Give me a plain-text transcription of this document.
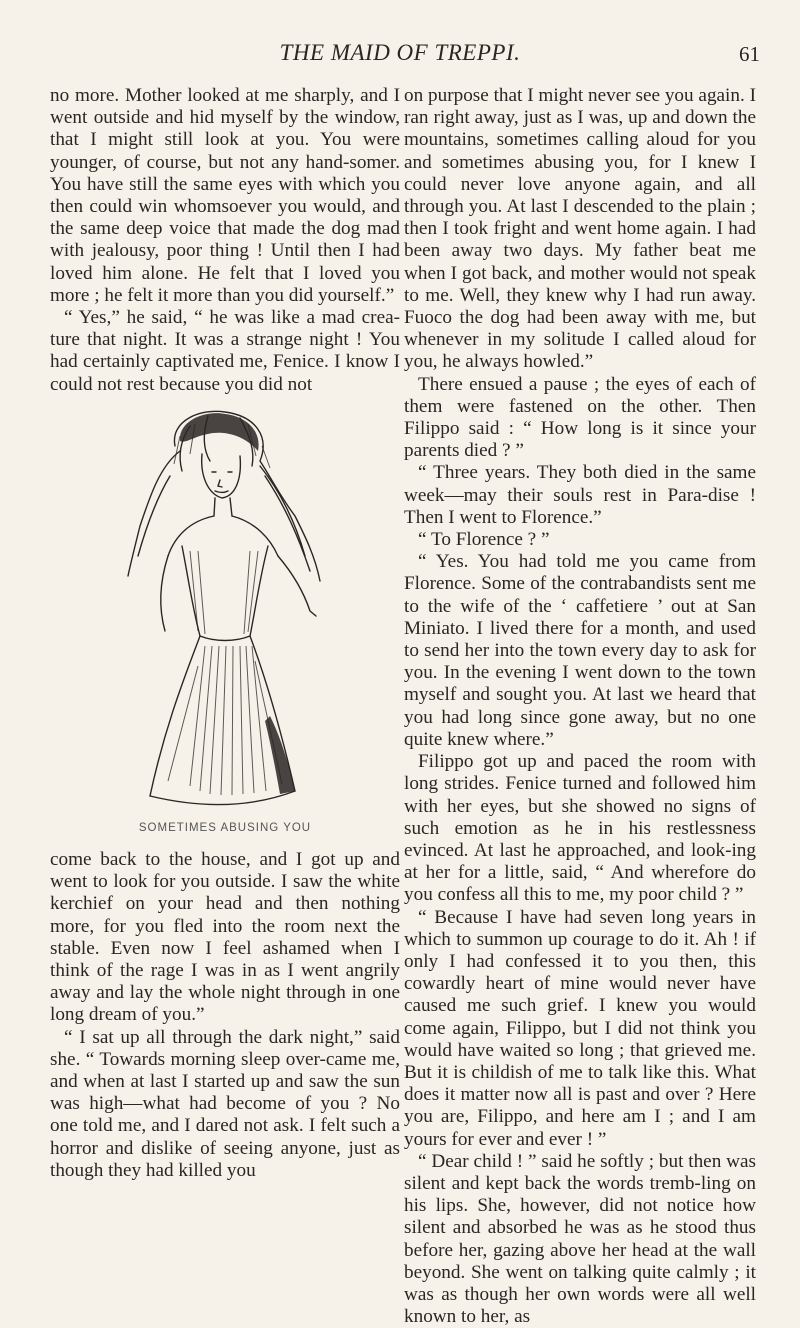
THE MAID OF TREPPI.	61

no more. Mother looked at me sharply, and I went outside and hid myself by the window, that I might still look at you. You were younger, of course, but not any hand-somer. You have still the same eyes with which you then could win whomsoever you would, and the same deep voice that made the dog mad with jealousy, poor thing ! Until then I had loved him alone. He felt that I loved you more ; he felt it more than you did yourself.”

“ Yes,” he said, “ he was like a mad crea-ture that night. It was a strange night ! You had certainly captivated me, Fenice. I know I could not rest because you did not

SOMETIMES ABUSING YOU

come back to the house, and I got up and went to look for you outside. I saw the white kerchief on your head and then nothing more, for you fled into the room next the stable. Even now I feel ashamed when I think of the rage I was in as I went angrily away and lay the whole night through in one long dream of you.”

“ I sat up all through the dark night,” said she. “ Towards morning sleep over-came me, and when at last I started up and saw the sun was high—what had become of you ? No one told me, and I dared not ask. I felt such a horror and dislike of seeing anyone, just as though they had killed you

on purpose that I might never see you again. I ran right away, just as I was, up and down the mountains, sometimes calling aloud for you and sometimes abusing you, for I knew I could never love anyone again, and all through you. At last I descended to the plain ; then I took fright and went home again. I had been away two days. My father beat me when I got back, and mother would not speak to me. Well, they knew why I had run away. Fuoco the dog had been away with me, but whenever in my solitude I called aloud for you, he always howled.”

There ensued a pause ; the eyes of each of them were fastened on the other. Then Filippo said : “ How long is it since your parents died ? ”

“ Three years. They both died in the same week—may their souls rest in Para-dise ! Then I went to Florence.”

“ To Florence ? ”

“ Yes. You had told me you came from Florence. Some of the contrabandists sent me to the wife of the ‘ caffetiere ’ out at San Miniato. I lived there for a month, and used to send her into the town every day to ask for you. In the evening I went down to the town myself and sought you. At last we heard that you had long since gone away, but no one quite knew where.”

Filippo got up and paced the room with long strides. Fenice turned and followed him with her eyes, but she showed no signs of such emotion as he in his restlessness evinced. At last he approached, and look-ing at her for a little, said, “ And wherefore do you confess all this to me, my poor child ? ”

“ Because I have had seven long years in which to summon up courage to do it. Ah ! if only I had confessed it to you then, this cowardly heart of mine would never have caused me such grief. I knew you would come again, Filippo, but I did not think you would have waited so long ; that grieved me. But it is childish of me to talk like this. What does it matter now all is past and over ? Here you are, Filippo, and here am I ; and I am yours for ever and ever ! ”

“ Dear child ! ” said he softly ; but then was silent and kept back the words tremb-ling on his lips. She, however, did not notice how silent and absorbed he was as he stood thus before her, gazing above her head at the wall beyond. She went on talking quite calmly ; it was as though her own words were all well known to her, as
